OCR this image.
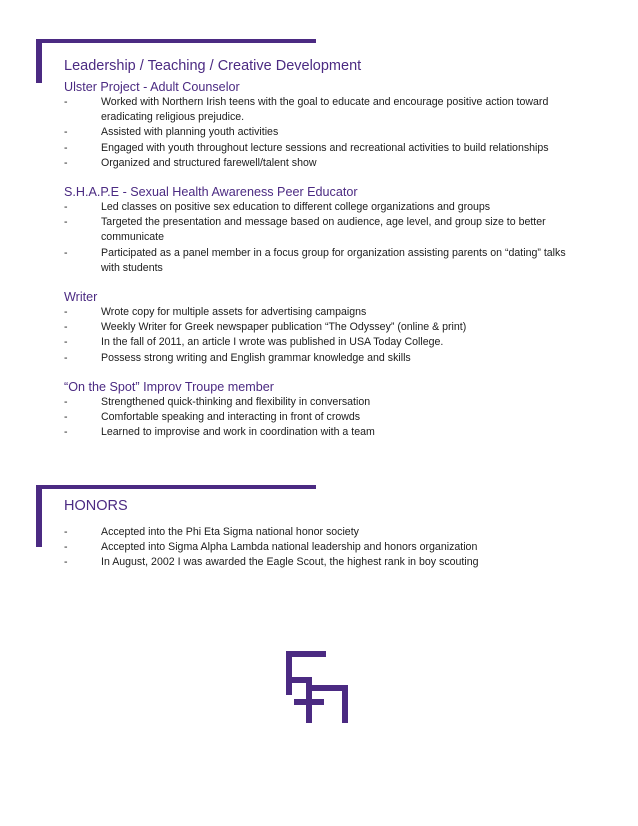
Leadership / Teaching / Creative Development
Ulster Project - Adult Counselor
-	Worked with Northern Irish teens with the goal to educate and encourage positive action toward eradicating religious prejudice.
-	Assisted with planning youth activities
-	Engaged with youth throughout lecture sessions and recreational activities to build relationships
-	Organized and structured farewell/talent show
S.H.A.P.E - Sexual Health Awareness Peer Educator
-	Led classes on positive sex education to different college organizations and groups
-	Targeted the presentation and message based on audience, age level, and group size to better communicate
-	Participated as a panel member in a focus group for organization assisting parents on “dating” talks with students
Writer
-	Wrote copy for multiple assets for advertising campaigns
-	Weekly Writer for Greek newspaper publication “The Odyssey” (online & print)
-	In the fall of 2011, an article I wrote was published in USA Today College.
-	Possess strong writing and English grammar knowledge and skills
“On the Spot” Improv Troupe member
-	Strengthened quick-thinking and flexibility in conversation
-	Comfortable speaking and interacting in front of crowds
-	Learned to improvise and work in coordination with a team
HONORS
-	Accepted into the Phi Eta Sigma national honor society
-	Accepted into Sigma Alpha Lambda national leadership and honors organization
-	In August, 2002 I was awarded the Eagle Scout, the highest rank in boy scouting
